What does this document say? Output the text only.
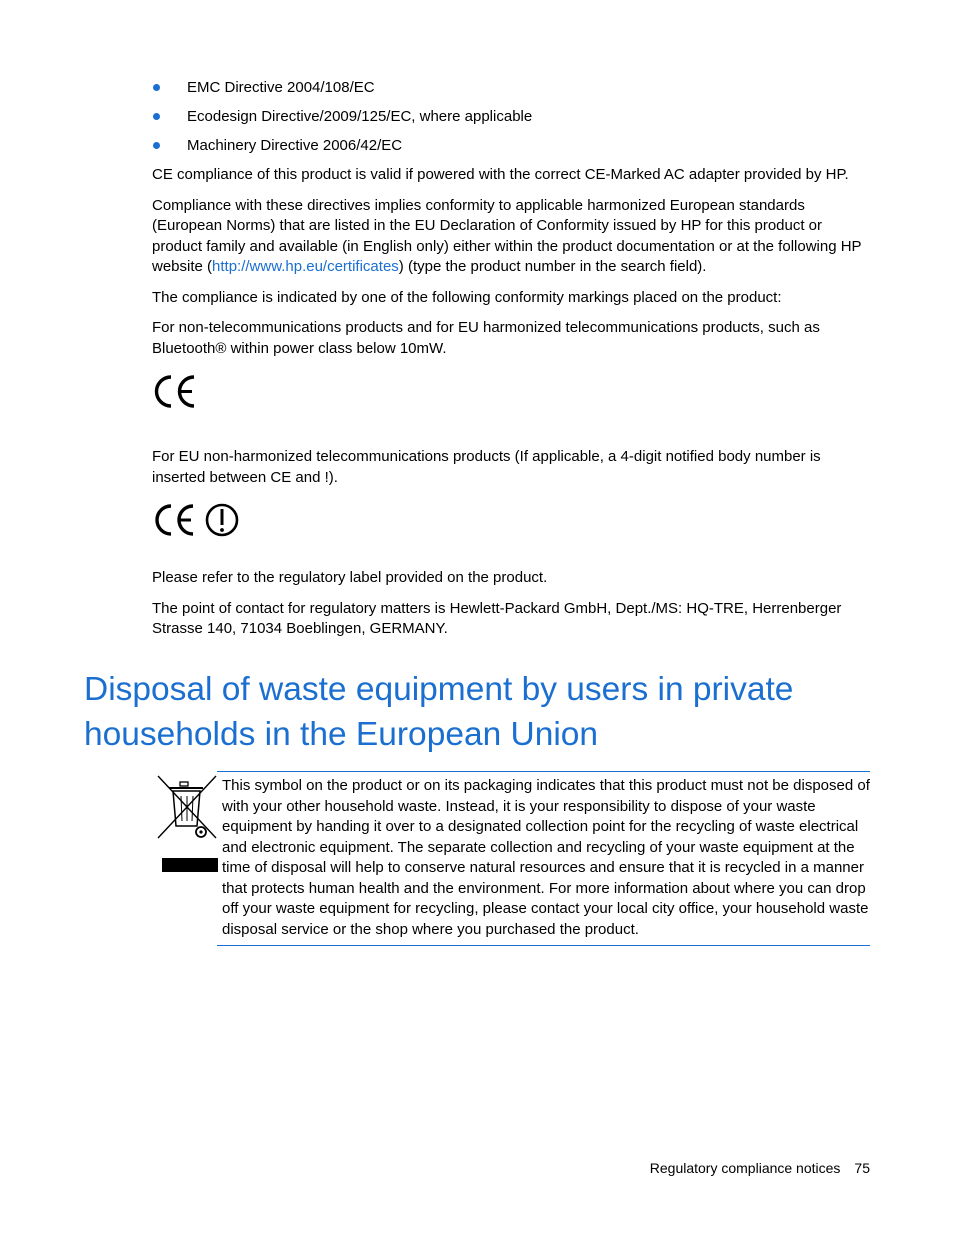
EMC Directive 2004/108/EC
Ecodesign Directive/2009/125/EC, where applicable
Machinery Directive 2006/42/EC

CE compliance of this product is valid if powered with the correct CE-Marked AC adapter provided by HP.

Compliance with these directives implies conformity to applicable harmonized European standards (European Norms) that are listed in the EU Declaration of Conformity issued by HP for this product or product family and available (in English only) either within the product documentation or at the following HP website (http://www.hp.eu/certificates) (type the product number in the search field).

The compliance is indicated by one of the following conformity markings placed on the product:

For non-telecommunications products and for EU harmonized telecommunications products, such as Bluetooth® within power class below 10mW.

For EU non-harmonized telecommunications products (If applicable, a 4-digit notified body number is inserted between CE and !).

Please refer to the regulatory label provided on the product.

The point of contact for regulatory matters is Hewlett-Packard GmbH, Dept./MS: HQ-TRE, Herrenberger Strasse 140, 71034 Boeblingen, GERMANY.

Disposal of waste equipment by users in private
households in the European Union

This symbol on the product or on its packaging indicates that this product must not be disposed of with your other household waste. Instead, it is your responsibility to dispose of your waste equipment by handing it over to a designated collection point for the recycling of waste electrical and electronic equipment. The separate collection and recycling of your waste equipment at the time of disposal will help to conserve natural resources and ensure that it is recycled in a manner that protects human health and the environment. For more information about where you can drop off your waste equipment for recycling, please contact your local city office, your household waste disposal service or the shop where you purchased the product.

Regulatory compliance notices 75
